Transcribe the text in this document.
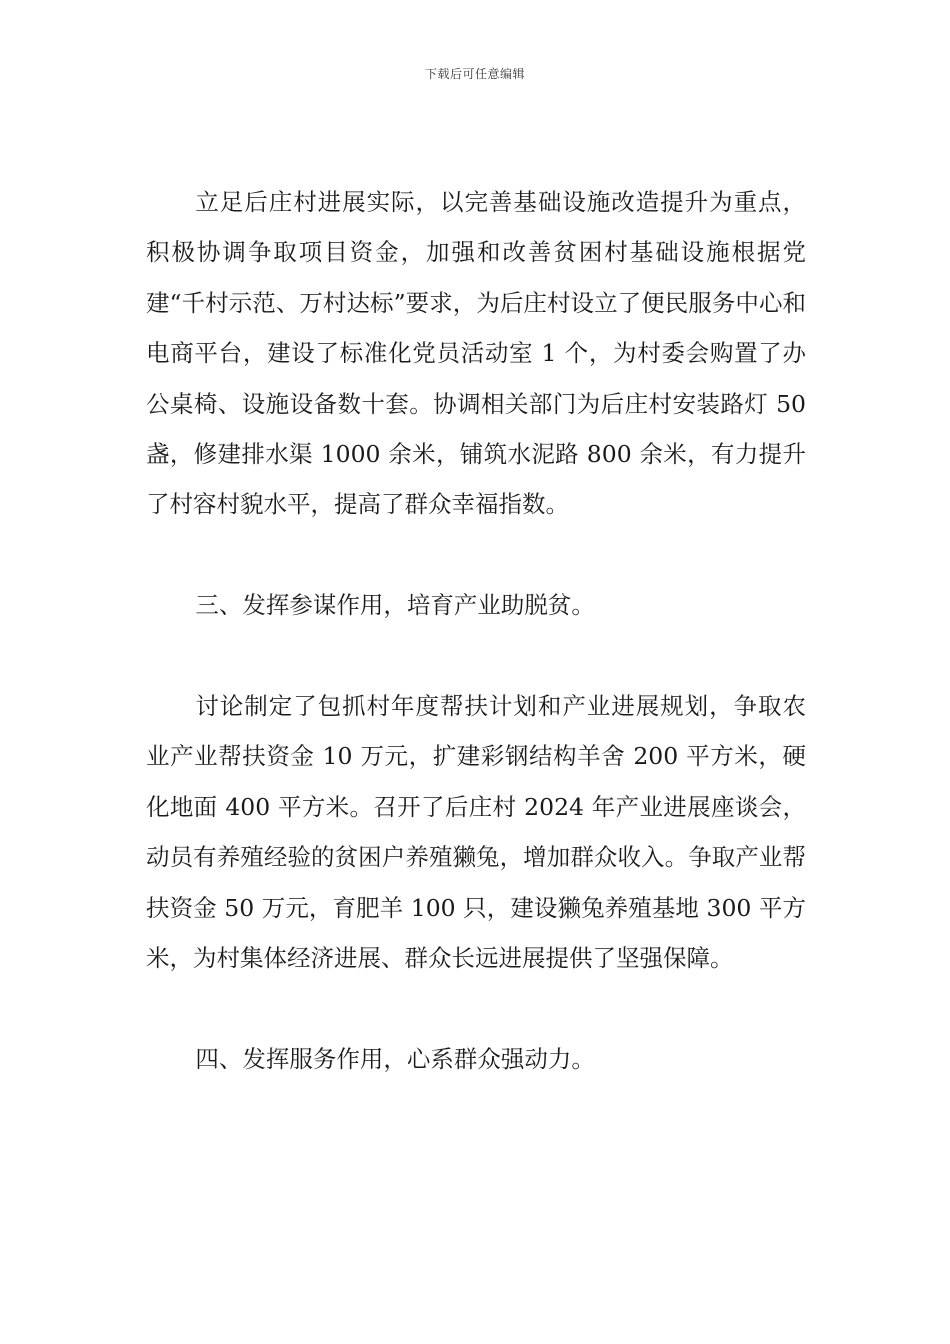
下载后可任意编辑

立足后庄村进展实际，以完善基础设施改造提升为重点，积极协调争取项目资金，加强和改善贫困村基础设施根据党建“千村示范、万村达标”要求，为后庄村设立了便民服务中心和电商平台，建设了标准化党员活动室 1 个，为村委会购置了办公桌椅、设施设备数十套。协调相关部门为后庄村安装路灯 50 盏，修建排水渠 1000 余米，铺筑水泥路 800 余米，有力提升了村容村貌水平，提高了群众幸福指数。

三、发挥参谋作用，培育产业助脱贫。

讨论制定了包抓村年度帮扶计划和产业进展规划，争取农业产业帮扶资金 10 万元，扩建彩钢结构羊舍 200 平方米，硬化地面 400 平方米。召开了后庄村 2024 年产业进展座谈会，动员有养殖经验的贫困户养殖獭兔，增加群众收入。争取产业帮扶资金 50 万元，育肥羊 100 只，建设獭兔养殖基地 300 平方米，为村集体经济进展、群众长远进展提供了坚强保障。

四、发挥服务作用，心系群众强动力。
